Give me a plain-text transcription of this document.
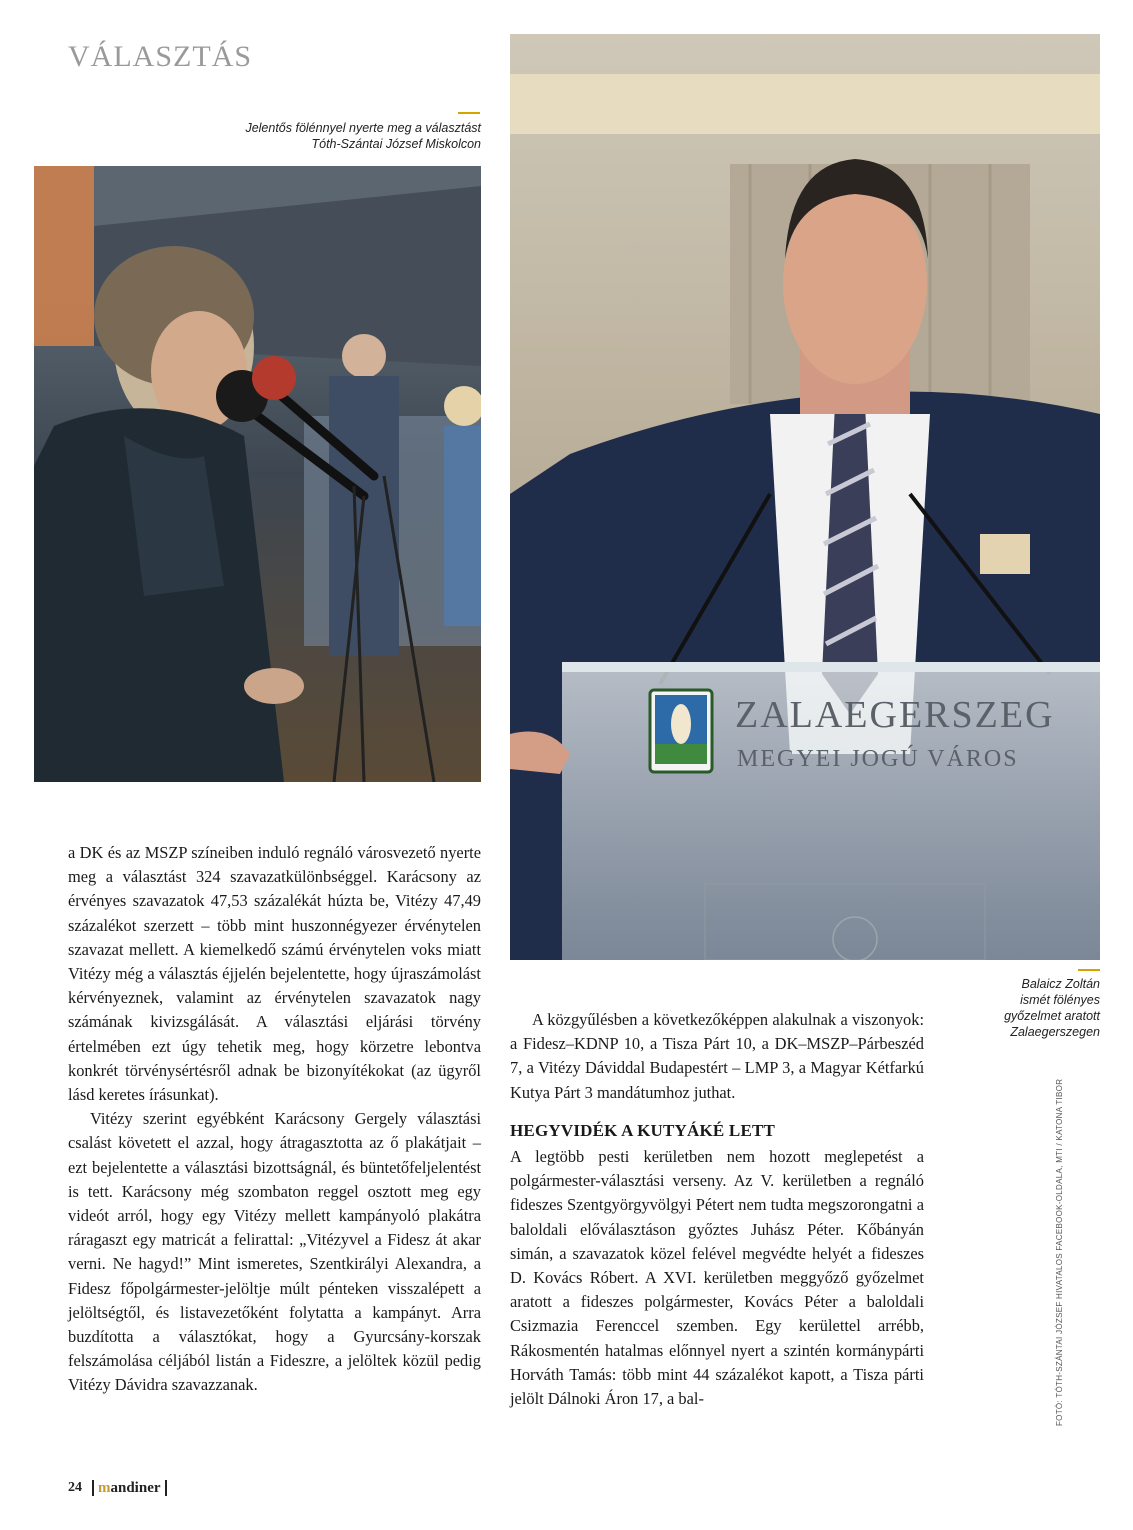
VÁLASZTÁS
Jelentős fölénnyel nyerte meg a választást
Tóth-Szántai József Miskolcon
ZALAEGERSZEG
MEGYEI JOGÚ VÁROS
Balaicz Zoltán
ismét fölényes
győzelmet aratott
Zalaegerszegen

a DK és az MSZP színeiben induló regnáló városvezető nyerte meg a választást 324 szavazatkülönbséggel. Karácsony az érvényes szavazatok 47,53 százalékát húzta be, Vitézy 47,49 százalékot szerzett – több mint huszonnégyezer érvénytelen szavazat mellett. A kiemelkedő számú érvénytelen voks miatt Vitézy még a választás éjjelén bejelentette, hogy újraszámolást kérvényeznek, valamint az érvénytelen szavazatok nagy számának kivizsgálását. A választási eljárási törvény értelmében ezt úgy tehetik meg, hogy körzetre lebontva konkrét törvénysértésről adnak be bizonyítékokat (az ügyről lásd keretes írásunkat).

Vitézy szerint egyébként Karácsony Gergely választási csalást követett el azzal, hogy átragasztotta az ő plakátjait – ezt bejelentette a választási bizottságnál, és büntetőfeljelentést is tett. Karácsony még szombaton reggel osztott meg egy videót arról, hogy egy Vitézy mellett kampányoló plakátra ráragaszt egy matricát a felirattal: „Vitézyvel a Fidesz át akar verni. Ne hagyd!” Mint ismeretes, Szentkirályi Alexandra, a Fidesz főpolgármester-jelöltje múlt pénteken visszalépett a jelöltségtől, és listavezetőként folytatta a kampányt. Arra buzdította a választókat, hogy a Gyurcsány-korszak felszámolása céljából listán a Fideszre, a jelöltek közül pedig Vitézy Dávidra szavazzanak.

A közgyűlésben a következőképpen alakulnak a viszonyok: a Fidesz–KDNP 10, a Tisza Párt 10, a DK–MSZP–Párbeszéd 7, a Vitézy Dáviddal Budapestért – LMP 3, a Magyar Kétfarkú Kutya Párt 3 mandátumhoz juthat.

HEGYVIDÉK A KUTYÁKÉ LETT

A legtöbb pesti kerületben nem hozott meglepetést a polgármester-választási verseny. Az V. kerületben a regnáló fideszes Szentgyörgyvölgyi Pétert nem tudta megszorongatni a baloldali előválasztáson győztes Juhász Péter. Kőbányán simán, a szavazatok közel felével megvédte helyét a fideszes D. Kovács Róbert. A XVI. kerületben meggyőző győzelmet aratott a fideszes polgármester, Kovács Péter a baloldali Csizmazia Ferenccel szemben. Egy kerülettel arrébb, Rákosmentén hatalmas előnnyel nyert a szintén kormánypárti Horváth Tamás: több mint 44 százalékot kapott, a Tisza párti jelölt Dálnoki Áron 17, a bal-	FOTÓ: TÓTH-SZÁNTAI JÓZSEF HIVATALOS FACEBOOK-OLDALA, MTI / KATONA TIBOR
24	mandiner
